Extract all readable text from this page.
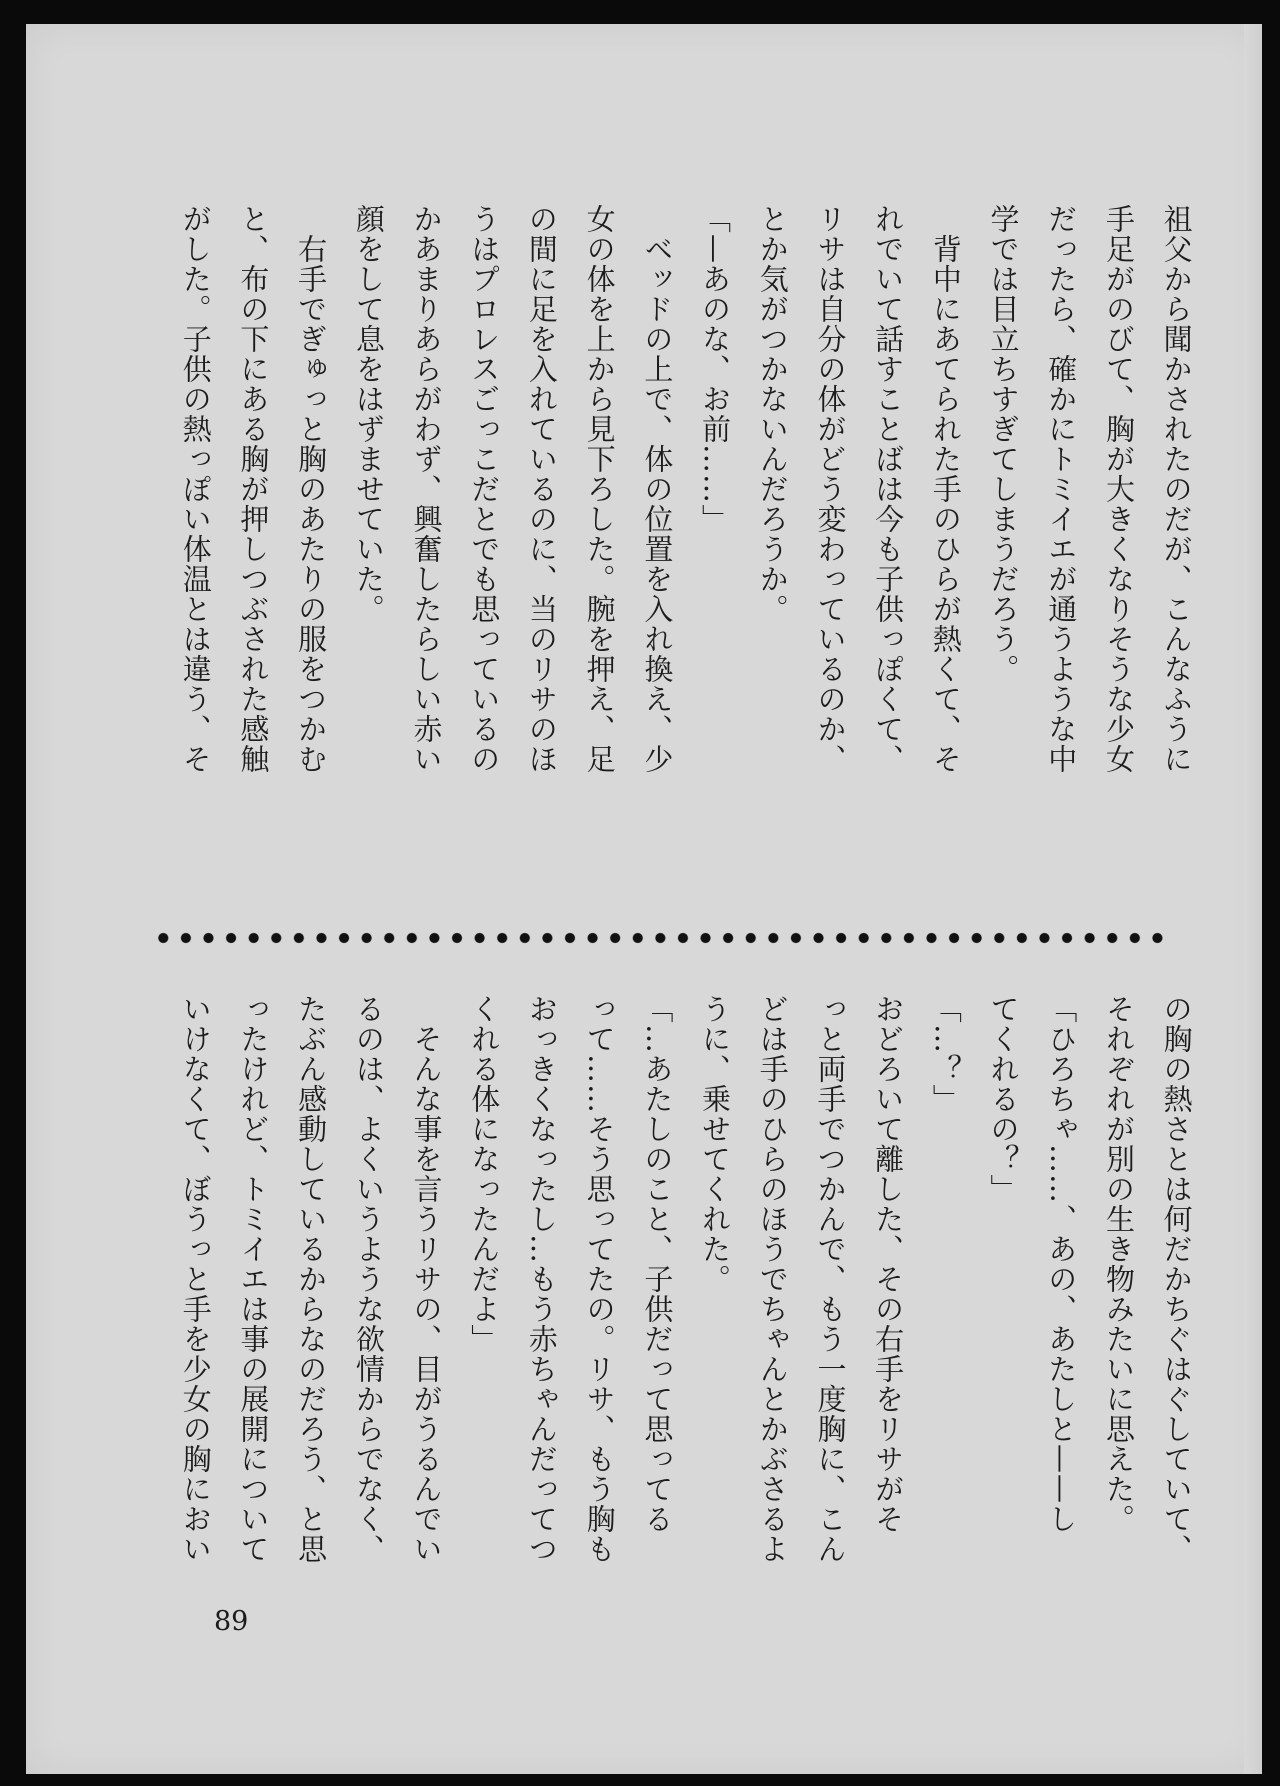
祖父から聞かされたのだが、こんなふうに

手足がのびて、胸が大きくなりそうな少女

だったら、確かにトミイエが通うような中

学では目立ちすぎてしまうだろう。

　背中にあてられた手のひらが熱くて、そ

れでいて話すことばは今も子供っぽくて、

リサは自分の体がどう変わっているのか、

とか気がつかないんだろうか。

「—あのな、お前……」

　ベッドの上で、体の位置を入れ換え、少

女の体を上から見下ろした。腕を押え、足

の間に足を入れているのに、当のリサのほ

うはプロレスごっこだとでも思っているの

かあまりあらがわず、興奮したらしい赤い

顔をして息をはずませていた。

　右手でぎゅっと胸のあたりの服をつかむ

と、布の下にある胸が押しつぶされた感触

がした。子供の熱っぽい体温とは違う、そ

の胸の熱さとは何だかちぐはぐしていて、

それぞれが別の生き物みたいに思えた。

「ひろちゃ……、あの、あたしと——し

てくれるの？」

「…？」

おどろいて離した、その右手をリサがそ

っと両手でつかんで、もう一度胸に、こん

どは手のひらのほうでちゃんとかぶさるよ

うに、乗せてくれた。

「…あたしのこと、子供だって思ってる

って……そう思ってたの。リサ、もう胸も

おっきくなったし…もう赤ちゃんだってつ

くれる体になったんだよ」

　そんな事を言うリサの、目がうるんでい

るのは、よくいうような欲情からでなく、

たぶん感動しているからなのだろう、と思

ったけれど、トミイエは事の展開について

いけなくて、ぼうっと手を少女の胸におい

89
